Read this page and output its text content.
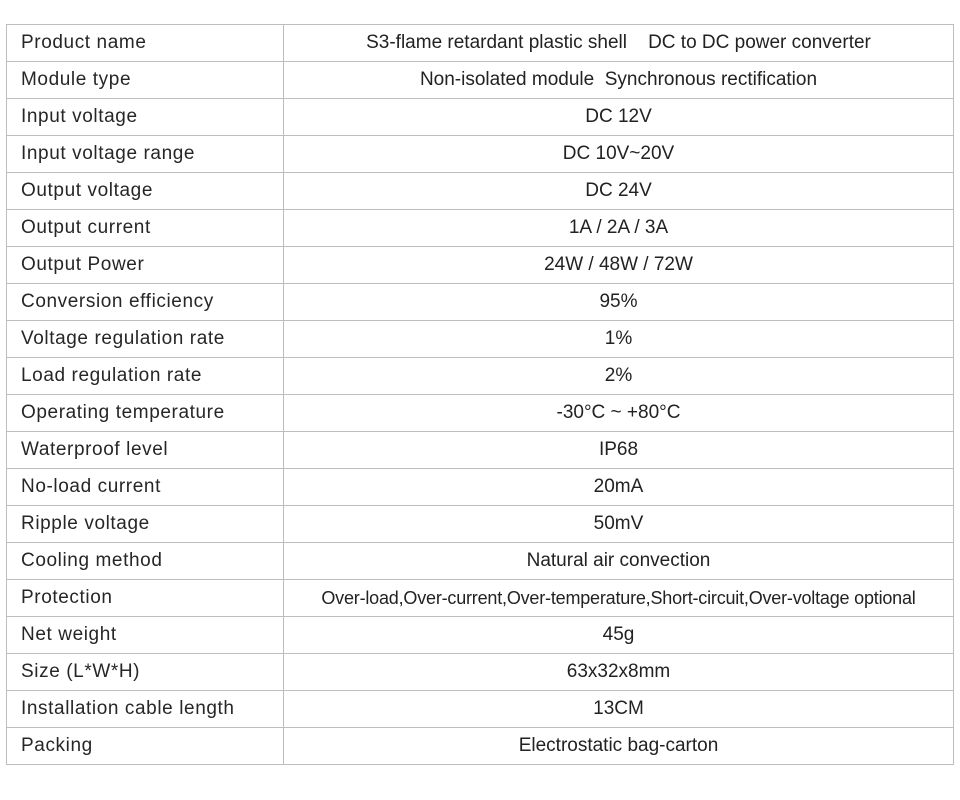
Product name	S3-flame retardant plastic shell    DC to DC power converter
Module type	Non-isolated module  Synchronous rectification
Input voltage	DC 12V
Input voltage range	DC 10V~20V
Output voltage	DC 24V
Output current	1A / 2A / 3A
Output Power	24W / 48W / 72W
Conversion efficiency	95%
Voltage regulation rate	1%
Load regulation rate	2%
Operating temperature	-30°C ~ +80°C
Waterproof level	IP68
No-load current	20mA
Ripple voltage	50mV
Cooling method	Natural air convection
Protection	Over-load,Over-current,Over-temperature,Short-circuit,Over-voltage optional
Net weight	45g
Size (L*W*H)	63x32x8mm
Installation cable length	13CM
Packing	Electrostatic bag-carton
